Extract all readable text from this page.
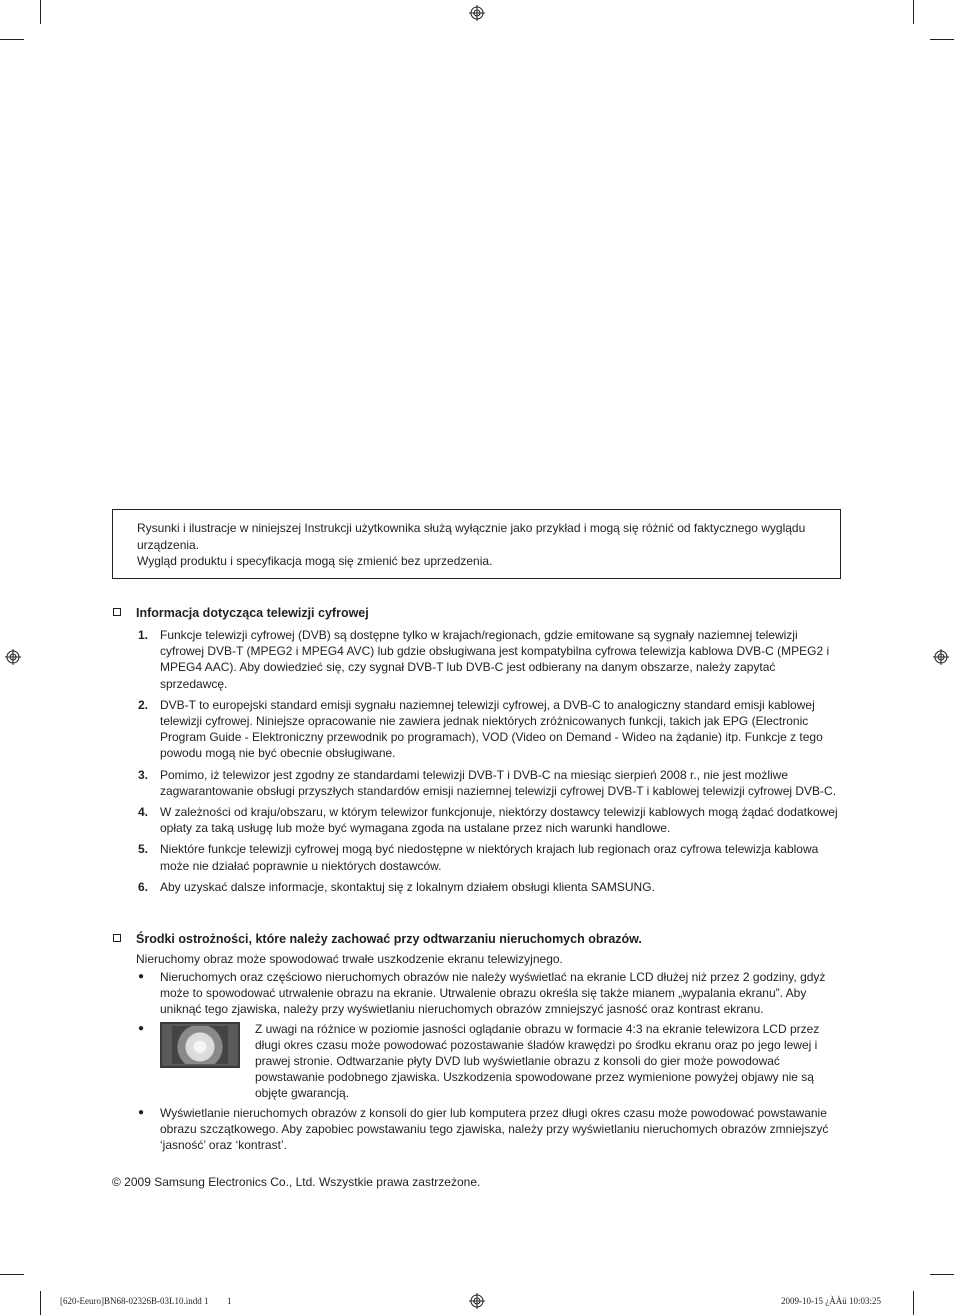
Rysunki i ilustracje w niniejszej Instrukcji użytkownika służą wyłącznie jako przykład i mogą się różnić od faktycznego wyglądu urządzenia.

Wygląd produktu i specyfikacja mogą się zmienić bez uprzedzenia.

Informacja dotycząca telewizji cyfrowej
1. Funkcje telewizji cyfrowej (DVB) są dostępne tylko w krajach/regionach, gdzie emitowane są sygnały naziemnej telewizji cyfrowej DVB-T (MPEG2 i MPEG4 AVC) lub gdzie obsługiwana jest kompatybilna cyfrowa telewizja kablowa DVB-C (MPEG2 i MPEG4 AAC). Aby dowiedzieć się, czy sygnał DVB-T lub DVB-C jest odbierany na danym obszarze, należy zapytać sprzedawcę.
2. DVB-T to europejski standard emisji sygnału naziemnej telewizji cyfrowej, a DVB-C to analogiczny standard emisji kablowej telewizji cyfrowej. Niniejsze opracowanie nie zawiera jednak niektórych zróżnicowanych funkcji, takich jak EPG (Electronic Program Guide - Elektroniczny przewodnik po programach), VOD (Video on Demand - Wideo na żądanie) itp. Funkcje z tego powodu mogą nie być obecnie obsługiwane.
3. Pomimo, iż telewizor jest zgodny ze standardami telewizji DVB-T i DVB-C na miesiąc sierpień 2008 r., nie jest możliwe zagwarantowanie obsługi przyszłych standardów emisji naziemnej telewizji cyfrowej DVB-T i kablowej telewizji cyfrowej DVB-C.
4. W zależności od kraju/obszaru, w którym telewizor funkcjonuje, niektórzy dostawcy telewizji kablowych mogą żądać dodatkowej opłaty za taką usługę lub może być wymagana zgoda na ustalane przez nich warunki handlowe.
5. Niektóre funkcje telewizji cyfrowej mogą być niedostępne w niektórych krajach lub regionach oraz cyfrowa telewizja kablowa może nie działać poprawnie u niektórych dostawców.
6. Aby uzyskać dalsze informacje, skontaktuj się z lokalnym działem obsługi klienta SAMSUNG.
Środki ostrożności, które należy zachować przy odtwarzaniu nieruchomych obrazów.
Nieruchomy obraz może spowodować trwałe uszkodzenie ekranu telewizyjnego.
● Nieruchomych oraz częściowo nieruchomych obrazów nie należy wyświetlać na ekranie LCD dłużej niż przez 2 godziny, gdyż może to spowodować utrwalenie obrazu na ekranie. Utrwalenie obrazu określa się także mianem „wypalania ekranu”. Aby uniknąć tego zjawiska, należy przy wyświetlaniu nieruchomych obrazów zmniejszyć jasność oraz kontrast ekranu.
●	Z uwagi na różnice w poziomie jasności oglądanie obrazu w formacie 4:3 na ekranie telewizora LCD przez długi okres czasu może powodować pozostawanie śladów krawędzi po środku ekranu oraz po jego lewej i prawej stronie. Odtwarzanie płyty DVD lub wyświetlanie obrazu z konsoli do gier może powodować powstawanie podobnego zjawiska. Uszkodzenia spowodowane przez wymienione powyżej objawy nie są objęte gwarancją.
● Wyświetlanie nieruchomych obrazów z konsoli do gier lub komputera przez długi okres czasu może powodować powstawanie obrazu szczątkowego. Aby zapobiec powstawaniu tego zjawiska, należy przy wyświetlaniu nieruchomych obrazów zmniejszyć ‘jasność’ oraz ‘kontrast’.
© 2009 Samsung Electronics Co., Ltd. Wszystkie prawa zastrzeżone.
[620-Eeuro]BN68-02326B-03L10.indd 1 1	2009-10-15 ¿ÀÀü 10:03:25
